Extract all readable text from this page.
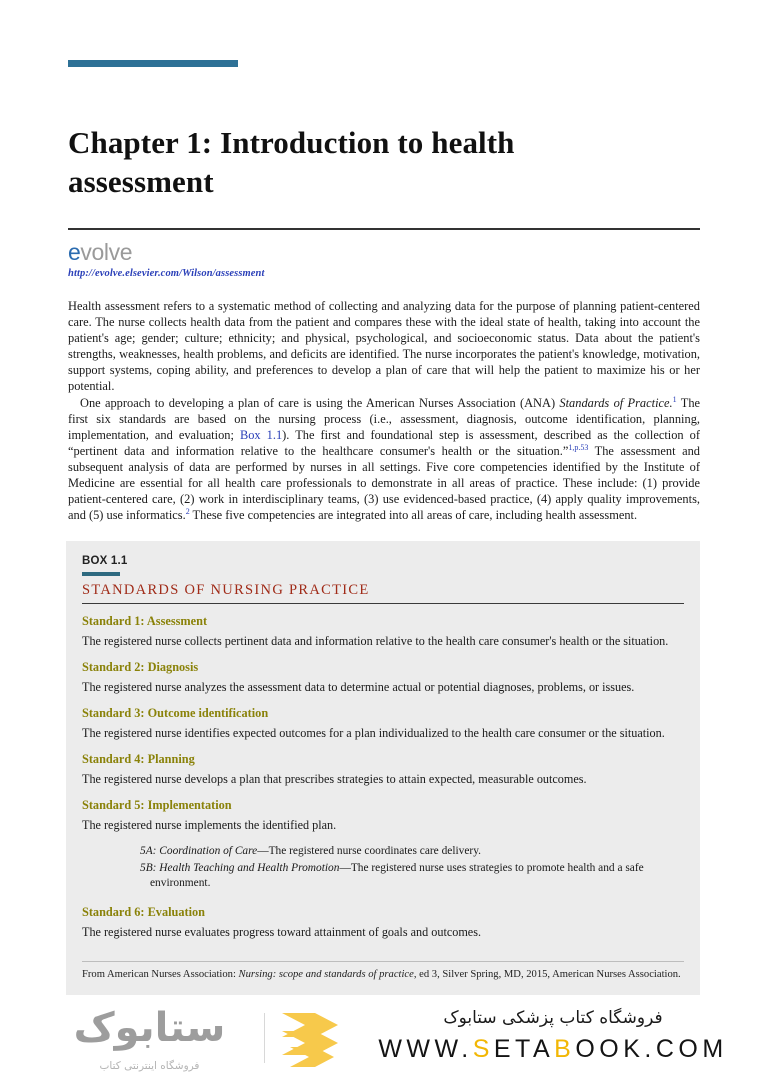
Chapter 1: Introduction to health assessment
evolve
http://evolve.elsevier.com/Wilson/assessment

Health assessment refers to a systematic method of collecting and analyzing data for the purpose of planning patient-centered care. The nurse collects health data from the patient and compares these with the ideal state of health, taking into account the patient's age; gender; culture; ethnicity; and physical, psychological, and socioeconomic status. Data about the patient's strengths, weaknesses, health problems, and deficits are identified. The nurse incorporates the patient's knowledge, motivation, support systems, coping ability, and preferences to develop a plan of care that will help the patient to maximize his or her potential.

One approach to developing a plan of care is using the American Nurses Association (ANA) Standards of Practice.$^1$ The first six standards are based on the nursing process (i.e., assessment, diagnosis, outcome identification, planning, implementation, and evaluation; Box 1.1). The first and foundational step is assessment, described as the collection of “pertinent data and information relative to the healthcare consumer's health or the situation.”$^{1,p.53}$ The assessment and subsequent analysis of data are performed by nurses in all settings. Five core competencies identified by the Institute of Medicine are essential for all health care professionals to demonstrate in all areas of practice. These include: (1) provide patient-centered care, (2) work in interdisciplinary teams, (3) use evidenced-based practice, (4) apply quality improvements, and (5) use informatics.$^2$ These five competencies are integrated into all areas of care, including health assessment.

BOX 1.1
STANDARDS OF NURSING PRACTICE
Standard 1: Assessment

The registered nurse collects pertinent data and information relative to the health care consumer's health or the situation.

Standard 2: Diagnosis

The registered nurse analyzes the assessment data to determine actual or potential diagnoses, problems, or issues.

Standard 3: Outcome identification

The registered nurse identifies expected outcomes for a plan individualized to the health care consumer or the situation.

Standard 4: Planning

The registered nurse develops a plan that prescribes strategies to attain expected, measurable outcomes.

Standard 5: Implementation

The registered nurse implements the identified plan.

5A: Coordination of Care—The registered nurse coordinates care delivery.

5B: Health Teaching and Health Promotion—The registered nurse uses strategies to promote health and a safe environment.

Standard 6: Evaluation

The registered nurse evaluates progress toward attainment of goals and outcomes.

From American Nurses Association: Nursing: scope and standards of practice, ed 3, Silver Spring, MD, 2015, American Nurses Association.
ستابوک
فروشگاه اینترنتی کتاب
فروشگاه کتاب پزشکی ستابوک
WWW.SETABOOK.COM
